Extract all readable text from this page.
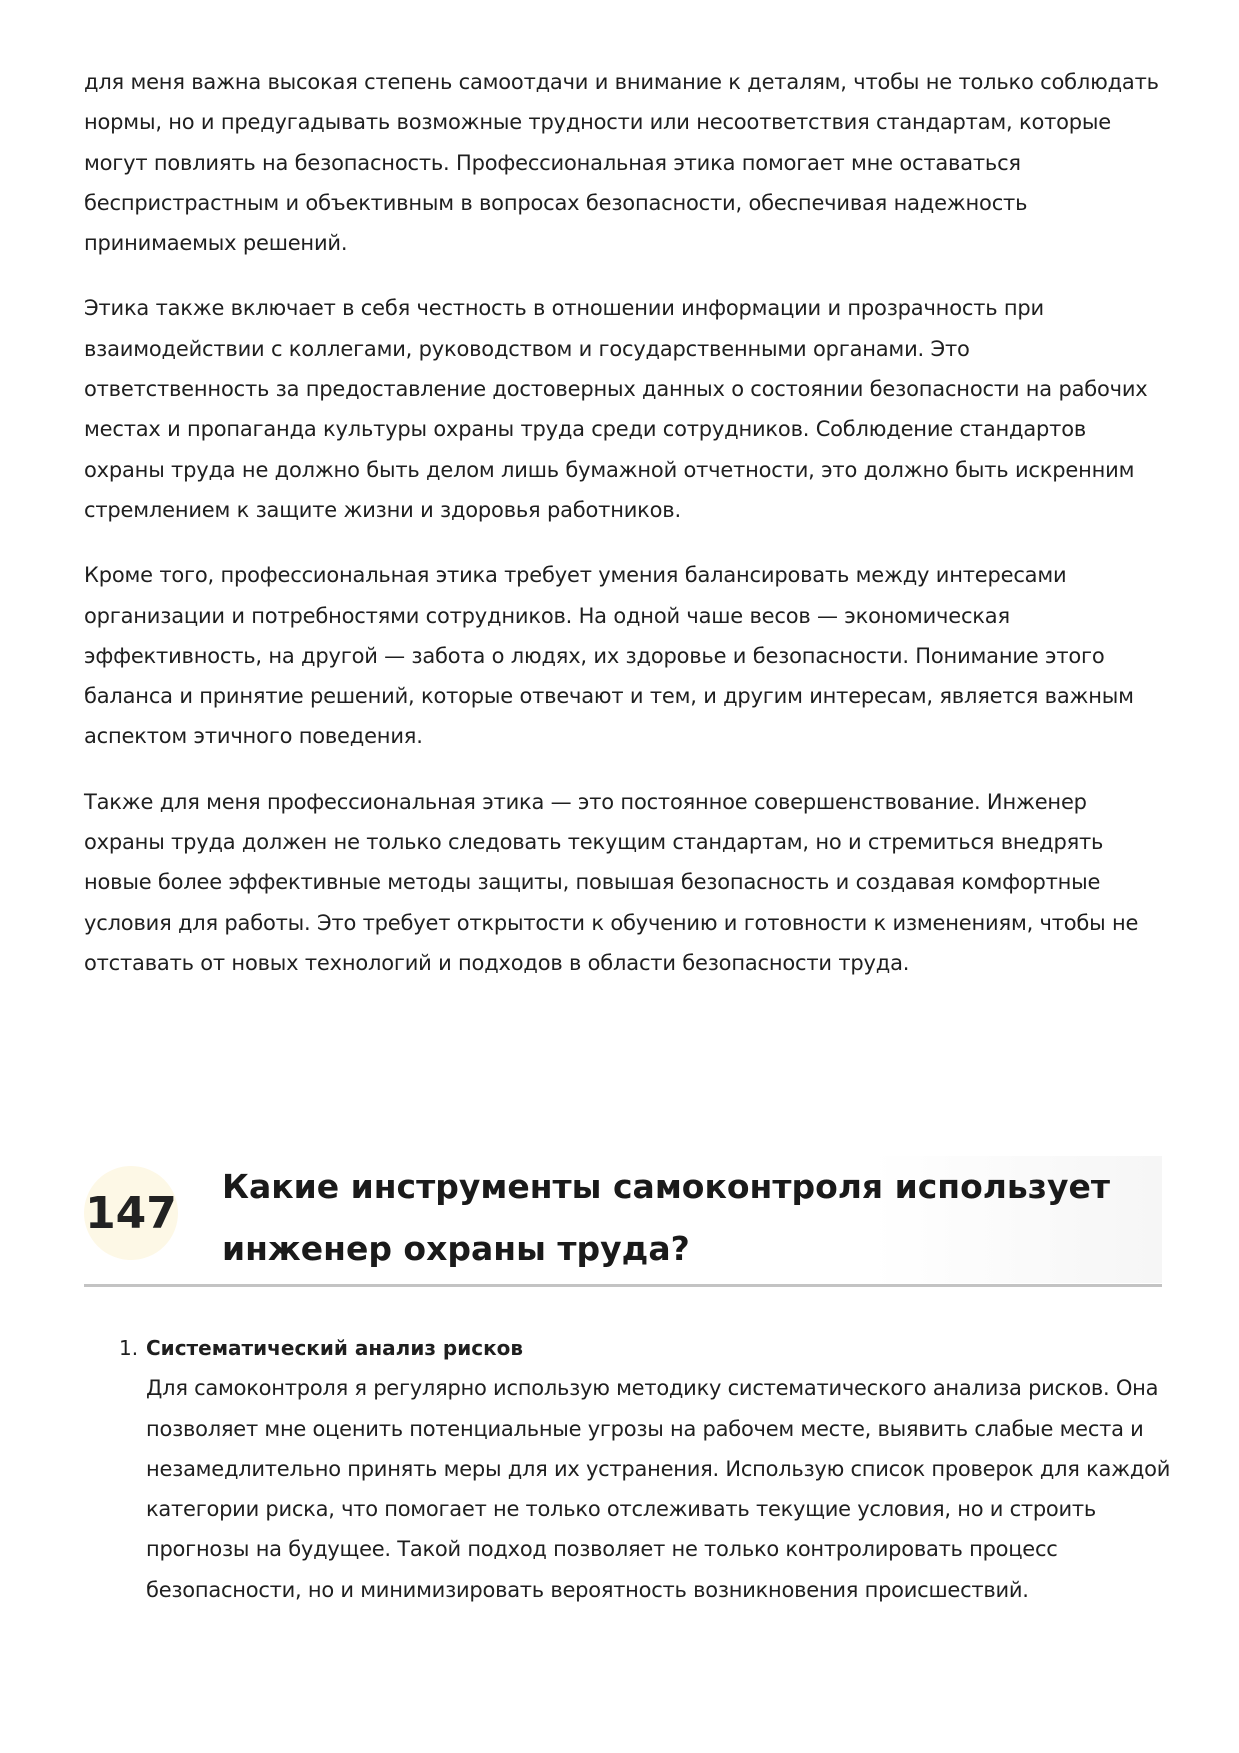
для меня важна высокая степень самоотдачи и внимание к деталям, чтобы не только соблюдать нормы, но и предугадывать возможные трудности или несоответствия стандартам, которые могут повлиять на безопасность. Профессиональная этика помогает мне оставаться беспристрастным и объективным в вопросах безопасности, обеспечивая надежность принимаемых решений.

Этика также включает в себя честность в отношении информации и прозрачность при взаимодействии с коллегами, руководством и государственными органами. Это ответственность за предоставление достоверных данных о состоянии безопасности на рабочих местах и пропаганда культуры охраны труда среди сотрудников. Соблюдение стандартов охраны труда не должно быть делом лишь бумажной отчетности, это должно быть искренним стремлением к защите жизни и здоровья работников.

Кроме того, профессиональная этика требует умения балансировать между интересами организации и потребностями сотрудников. На одной чаше весов — экономическая эффективность, на другой — забота о людях, их здоровье и безопасности. Понимание этого баланса и принятие решений, которые отвечают и тем, и другим интересам, является важным аспектом этичного поведения.

Также для меня профессиональная этика — это постоянное совершенствование. Инженер охраны труда должен не только следовать текущим стандартам, но и стремиться внедрять новые более эффективные методы защиты, повышая безопасность и создавая комфортные условия для работы. Это требует открытости к обучению и готовности к изменениям, чтобы не отставать от новых технологий и подходов в области безопасности труда.

147
Какие инструменты самоконтроля использует инженер охраны труда?
1. Систематический анализ рисков
Для самоконтроля я регулярно использую методику систематического анализа рисков. Она позволяет мне оценить потенциальные угрозы на рабочем месте, выявить слабые места и незамедлительно принять меры для их устранения. Использую список проверок для каждой категории риска, что помогает не только отслеживать текущие условия, но и строить прогнозы на будущее. Такой подход позволяет не только контролировать процесс безопасности, но и минимизировать вероятность возникновения происшествий.
